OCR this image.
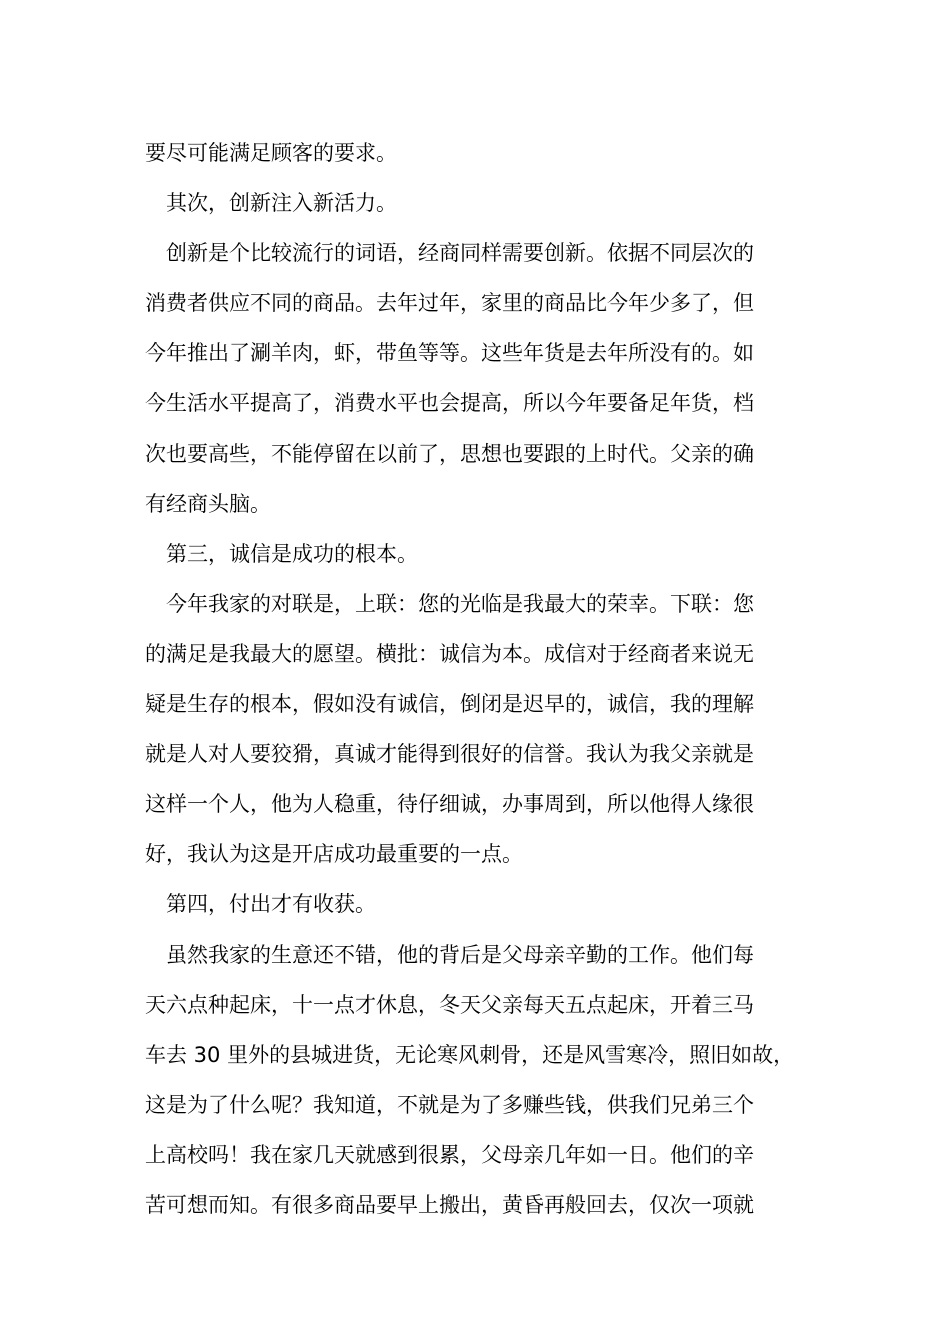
要尽可能满足顾客的要求。
其次，创新注入新活力。
创新是个比较流行的词语，经商同样需要创新。依据不同层次的
消费者供应不同的商品。去年过年，家里的商品比今年少多了，但
今年推出了涮羊肉，虾，带鱼等等。这些年货是去年所没有的。如
今生活水平提高了，消费水平也会提高，所以今年要备足年货，档
次也要高些，不能停留在以前了，思想也要跟的上时代。父亲的确
有经商头脑。
第三，诚信是成功的根本。
今年我家的对联是，上联：您的光临是我最大的荣幸。下联：您
的满足是我最大的愿望。横批：诚信为本。成信对于经商者来说无
疑是生存的根本，假如没有诚信，倒闭是迟早的，诚信，我的理解
就是人对人要狡猾，真诚才能得到很好的信誉。我认为我父亲就是
这样一个人，他为人稳重，待仔细诚，办事周到，所以他得人缘很
好，我认为这是开店成功最重要的一点。
第四，付出才有收获。
虽然我家的生意还不错，他的背后是父母亲辛勤的工作。他们每
天六点种起床，十一点才休息，冬天父亲每天五点起床，开着三马
车去 30 里外的县城进货，无论寒风刺骨，还是风雪寒冷，照旧如故，
这是为了什么呢？我知道，不就是为了多赚些钱，供我们兄弟三个
上高校吗！我在家几天就感到很累，父母亲几年如一日。他们的辛
苦可想而知。有很多商品要早上搬出，黄昏再般回去，仅次一项就
